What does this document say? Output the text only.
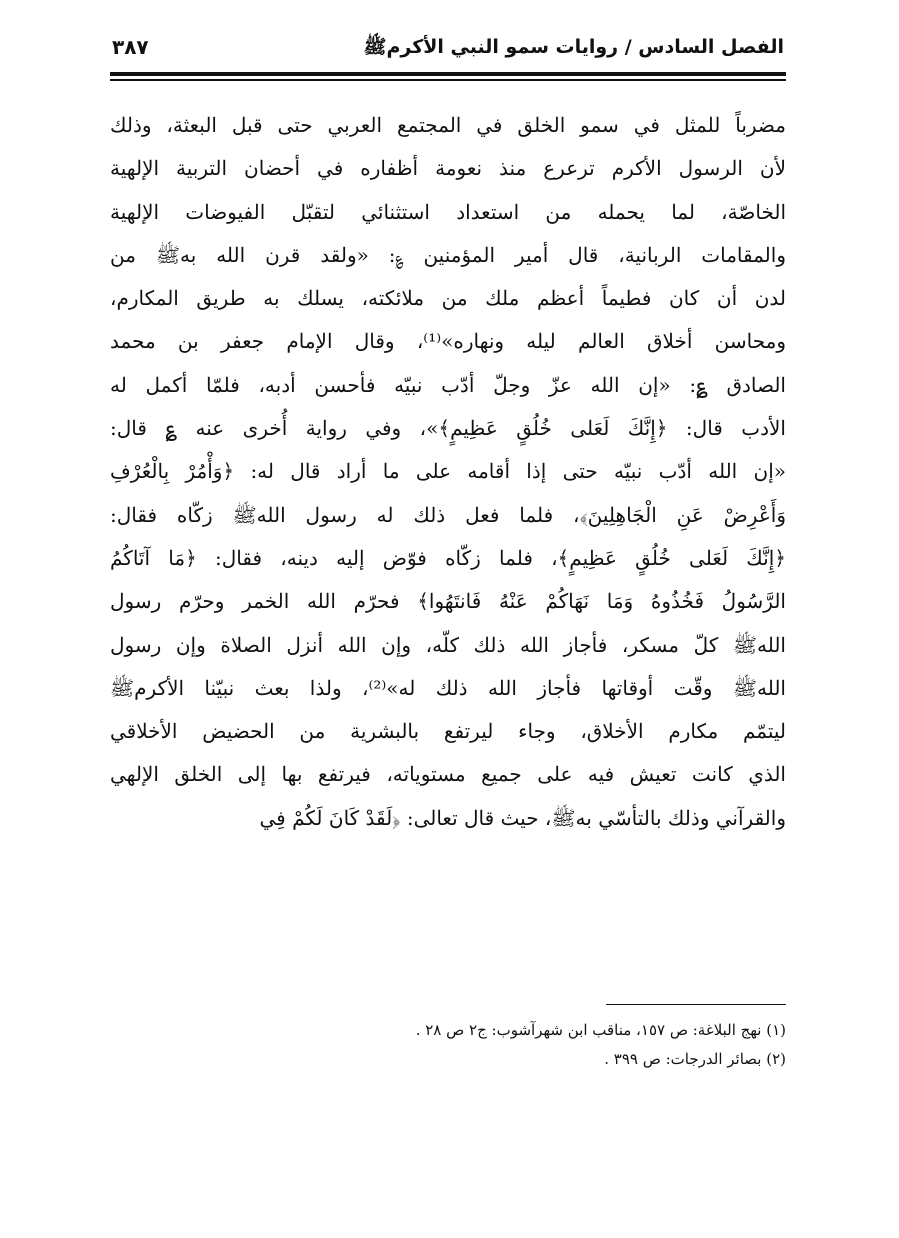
الفصل السادس / روايات سمو النبي الأكرمﷺ
٣٨٧
مضرباً للمثل في سمو الخلق في المجتمع العربي حتى قبل البعثة، وذلك
لأن الرسول الأكرم ترعرع منذ نعومة أظفاره في أحضان التربية الإلهية
الخاصّة، لما يحمله من استعداد استثنائي لتقبّل الفيوضات الإلهية
والمقامات الربانية، قال أمير المؤمنين ؏: «ولقد قرن الله بهﷺ من
لدن أن كان فطيماً أعظم ملك من ملائكته، يسلك به طريق المكارم،
ومحاسن أخلاق العالم ليله ونهاره»⁽¹⁾، وقال الإمام جعفر بن محمد
الصادق ؏: «إن الله عزّ وجلّ أدّب نبيّه فأحسن أدبه، فلمّا أكمل له
الأدب قال: ﴿إِنَّكَ لَعَلى خُلُقٍ عَظِيمٍ﴾»، وفي رواية أُخرى عنه ؏ قال:
«إن الله أدّب نبيّه حتى إذا أقامه على ما أراد قال له: ﴿وَأْمُرْ بِالْعُرْفِ
وَأَعْرِضْ عَنِ الْجَاهِلِينَ﴾، فلما فعل ذلك له رسول اللهﷺ زكّاه فقال:
﴿إِنَّكَ لَعَلى خُلُقٍ عَظِيمٍ﴾، فلما زكّاه فوّض إليه دينه، فقال: ﴿مَا آتَاكُمُ
الرَّسُولُ فَخُذُوهُ وَمَا نَهَاكُمْ عَنْهُ فَانتَهُوا﴾ فحرّم الله الخمر وحرّم رسول
اللهﷺ كلّ مسكر، فأجاز الله ذلك كلّه، وإن الله أنزل الصلاة وإن رسول
اللهﷺ وقّت أوقاتها فأجاز الله ذلك له»⁽²⁾، ولذا بعث نبيّنا الأكرمﷺ
ليتمّم مكارم الأخلاق، وجاء ليرتفع بالبشرية من الحضيض الأخلاقي
الذي كانت تعيش فيه على جميع مستوياته، فيرتفع بها إلى الخلق الإلهي
والقرآني وذلك بالتأسّي بهﷺ، حيث قال تعالى: ﴿لَقَدْ كَانَ لَكُمْ فِي
(١) نهج البلاغة: ص ١٥٧، مناقب ابن شهرآشوب: ج٢ ص ٢٨ .
(٢) بصائر الدرجات: ص ٣٩٩ .
